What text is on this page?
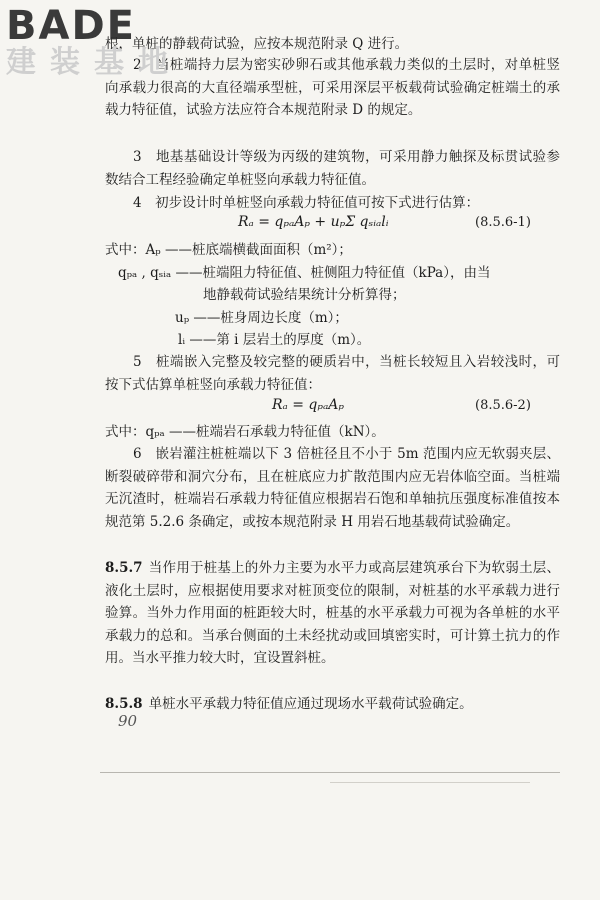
BADE
建装基地
根，单桩的静载荷试验，应按本规范附录 Q 进行。
2　当桩端持力层为密实砂卵石或其他承载力类似的土层时，对单桩竖向承载力很高的大直径端承型桩，可采用深层平板载荷试验确定桩端土的承载力特征值，试验方法应符合本规范附录 D 的规定。
3　地基基础设计等级为丙级的建筑物，可采用静力触探及标贯试验参数结合工程经验确定单桩竖向承载力特征值。
4　初步设计时单桩竖向承载力特征值可按下式进行估算：
Rₐ = qₚₐAₚ + uₚΣ qₛᵢₐlᵢ	(8.5.6-1)
式中：Aₚ ——桩底端横截面面积（m²）；
qₚₐ , qₛᵢₐ ——桩端阻力特征值、桩侧阻力特征值（kPa），由当
地静载荷试验结果统计分析算得；
uₚ ——桩身周边长度（m）；
lᵢ ——第 i 层岩土的厚度（m）。
5　桩端嵌入完整及较完整的硬质岩中，当桩长较短且入岩较浅时，可按下式估算单桩竖向承载力特征值：
Rₐ = qₚₐAₚ	(8.5.6-2)
式中：qₚₐ ——桩端岩石承载力特征值（kN）。
6　嵌岩灌注桩桩端以下 3 倍桩径且不小于 5m 范围内应无软弱夹层、断裂破碎带和洞穴分布，且在桩底应力扩散范围内应无岩体临空面。当桩端无沉渣时，桩端岩石承载力特征值应根据岩石饱和单轴抗压强度标准值按本规范第 5.2.6 条确定，或按本规范附录 H 用岩石地基载荷试验确定。
8.5.7 当作用于桩基上的外力主要为水平力或高层建筑承台下为软弱土层、液化土层时，应根据使用要求对桩顶变位的限制，对桩基的水平承载力进行验算。当外力作用面的桩距较大时，桩基的水平承载力可视为各单桩的水平承载力的总和。当承台侧面的土未经扰动或回填密实时，可计算土抗力的作用。当水平推力较大时，宜设置斜桩。
8.5.8 单桩水平承载力特征值应通过现场水平载荷试验确定。
90
